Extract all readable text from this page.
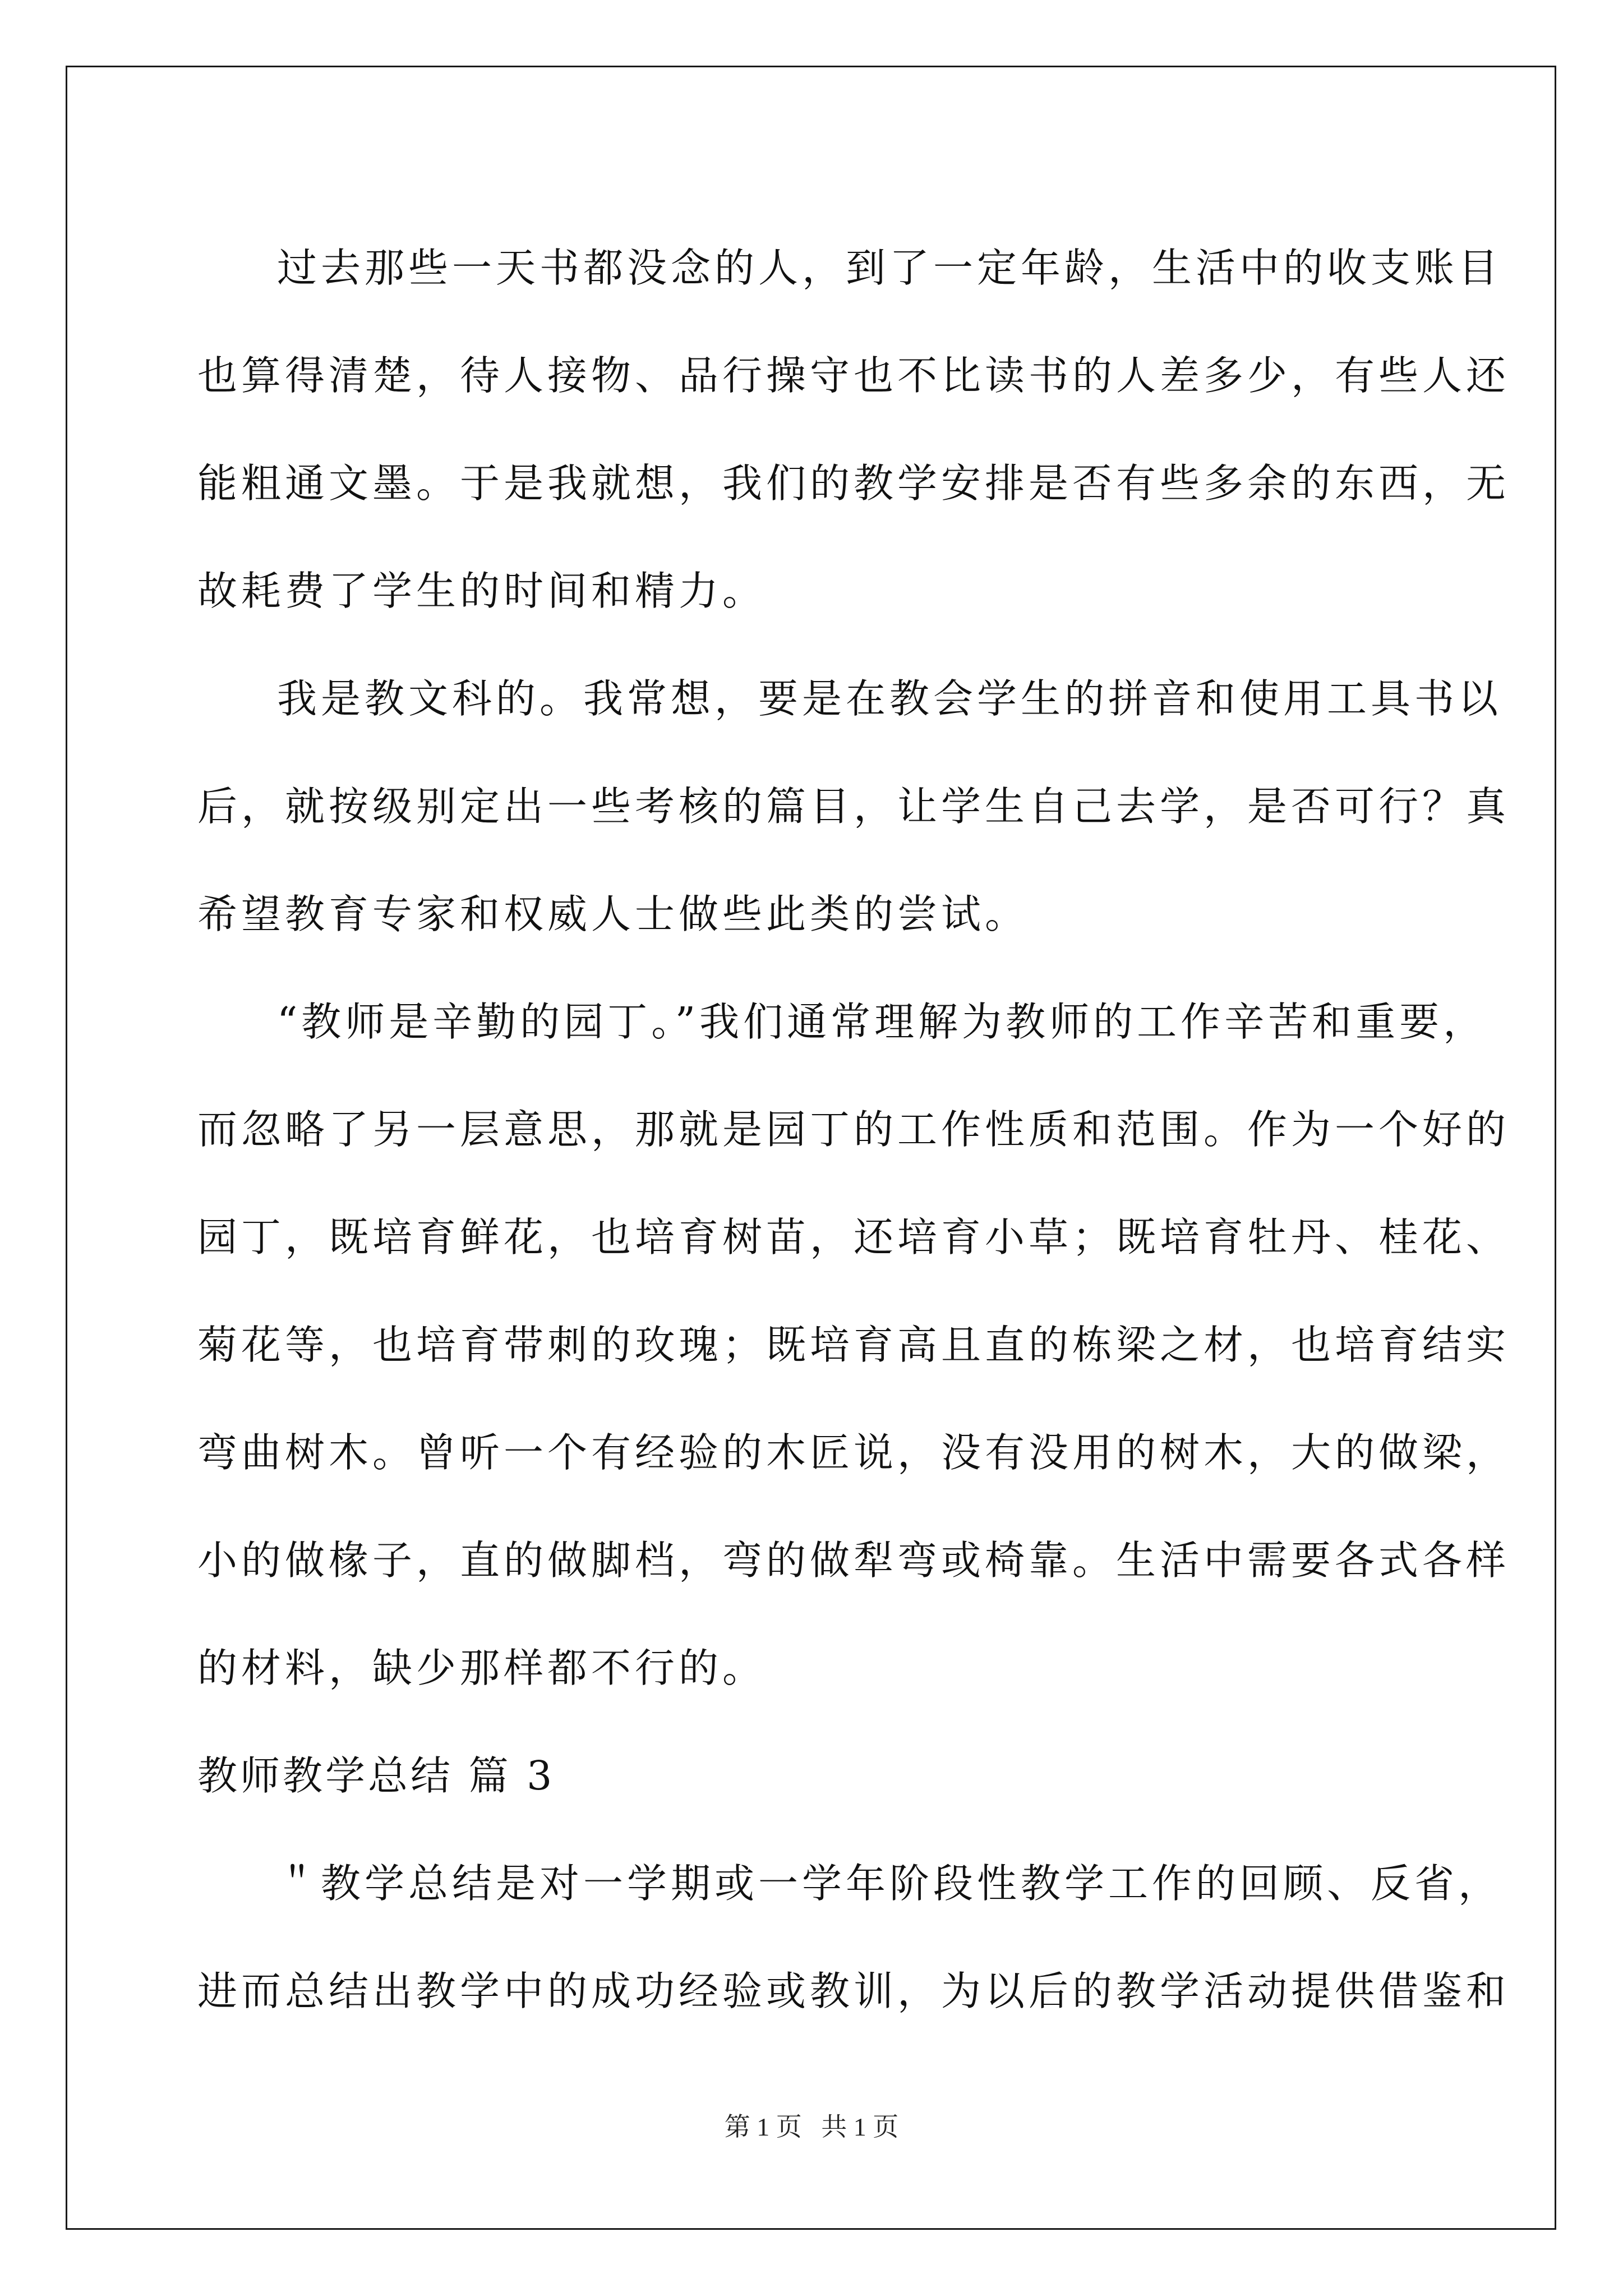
过去那些一天书都没念的人，到了一定年龄，生活中的收支账目
也算得清楚，待人接物、品行操守也不比读书的人差多少，有些人还
能粗通文墨。于是我就想，我们的教学安排是否有些多余的东西，无
故耗费了学生的时间和精力。
我是教文科的。我常想，要是在教会学生的拼音和使用工具书以
后，就按级别定出一些考核的篇目，让学生自己去学，是否可行？真
希望教育专家和权威人士做些此类的尝试。
“教师是辛勤的园丁。”我们通常理解为教师的工作辛苦和重要，
而忽略了另一层意思，那就是园丁的工作性质和范围。作为一个好的
园丁，既培育鲜花，也培育树苗，还培育小草；既培育牡丹、桂花、
菊花等，也培育带刺的玫瑰；既培育高且直的栋梁之材，也培育结实
弯曲树木。曾听一个有经验的木匠说，没有没用的树木，大的做梁，
小的做椽子，直的做脚档，弯的做犁弯或椅靠。生活中需要各式各样
的材料，缺少那样都不行的。
教师教学总结 篇 3
＂教学总结是对一学期或一学年阶段性教学工作的回顾、反省，
进而总结出教学中的成功经验或教训，为以后的教学活动提供借鉴和
第 1 页   共 1 页
